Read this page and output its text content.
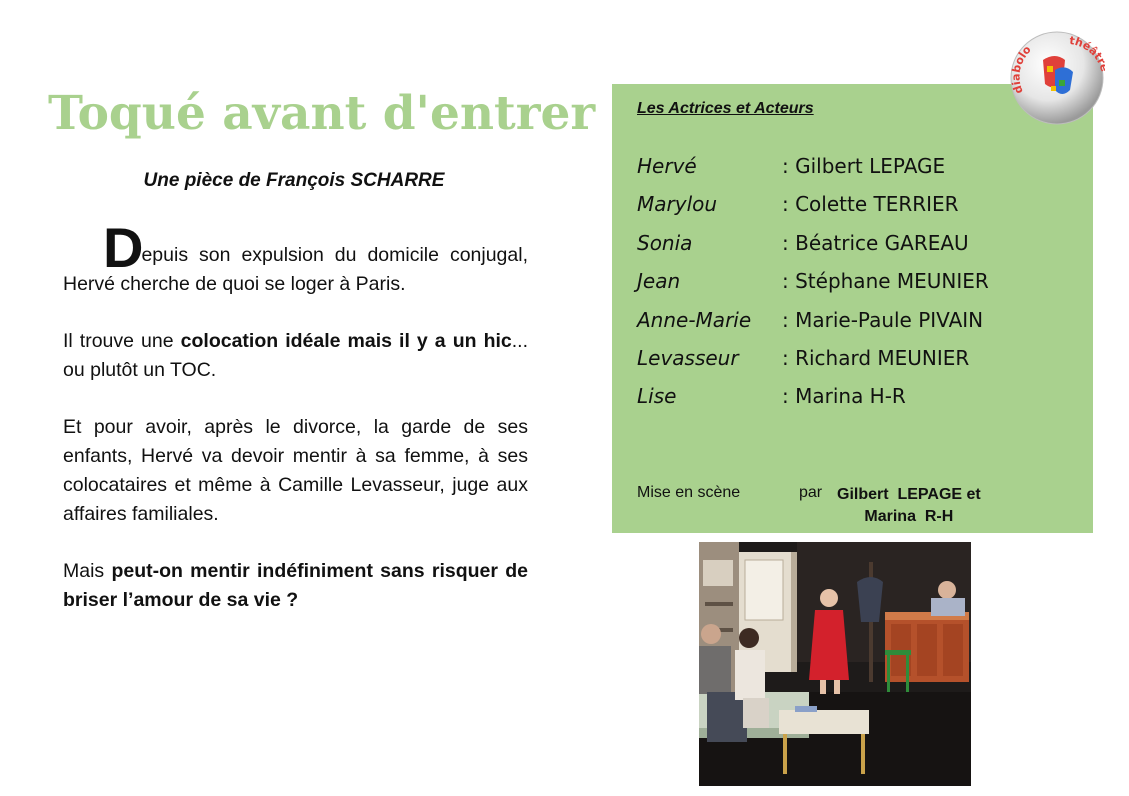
Toqué avant d'entrer
Une pièce de François SCHARRE

Depuis son expulsion du domicile conjugal, Hervé cherche de quoi se loger à Paris.

Il trouve une colocation idéale mais il y a un hic... ou plutôt un TOC.

Et pour avoir, après le divorce, la garde de ses enfants, Hervé va devoir mentir à sa femme, à ses colocataires et même à Camille Levasseur, juge aux affaires familiales.

Mais peut-on mentir indéfiniment sans risquer de briser l’amour de sa vie ?

Les Actrices et Acteurs
Hervé	: Gilbert LEPAGE
Marylou	: Colette TERRIER
Sonia	: Béatrice GAREAU
Jean	: Stéphane MEUNIER
Anne-Marie	: Marie-Paule PIVAIN
Levasseur	: Richard MEUNIER
Lise	: Marina H-R
Mise en scène	par Gilbert  LEPAGE et
Marina  R-H
diabolo
théât
